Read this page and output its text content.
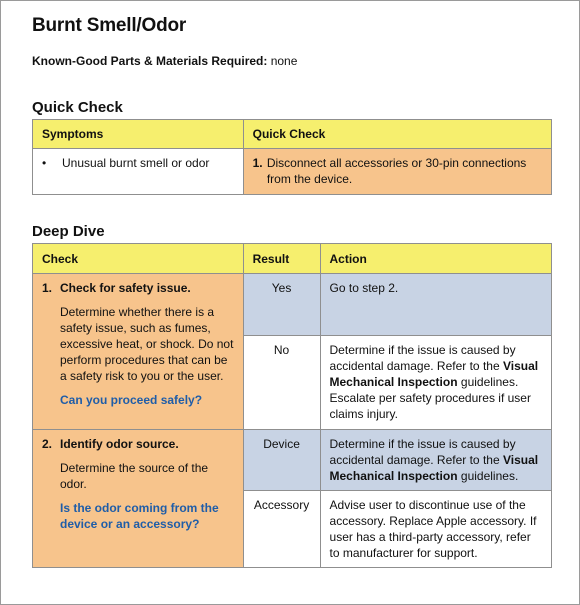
Burnt Smell/Odor
Known-Good Parts & Materials Required: none
Quick Check
Symptoms	Quick Check
• Unusual burnt smell or odor	1. Disconnect all accessories or 30-pin connections from the device.
Deep Dive
Check	Result	Action

1. Check for safety issue.
Determine whether there is a safety issue, such as fumes, excessive heat, or shock. Do not perform procedures that can be a safety risk to you or the user.
Can you proceed safely?	Yes	Go to step 2.
	No	Determine if the issue is caused by accidental damage. Refer to the Visual Mechanical Inspection guidelines.
Escalate per safety procedures if user claims injury.

2. Identify odor source.
Determine the source of the odor.
Is the odor coming from the device or an accessory?	Device	Determine if the issue is caused by accidental damage. Refer to the Visual Mechanical Inspection guidelines.
	Accessory	Advise user to discontinue use of the accessory. Replace Apple accessory. If user has a third-party accessory, refer to manufacturer for support.
